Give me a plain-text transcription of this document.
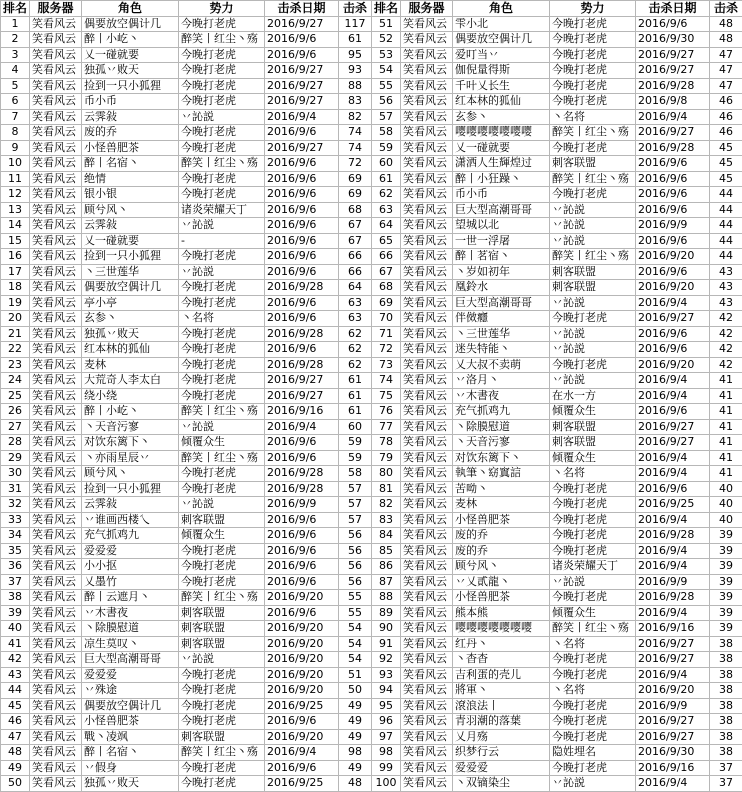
排名	服务器	角色	势力	击杀日期	击杀
1	笑看风云	偶要放空偶计几	今晚打老虎	2016/9/27	117
2	笑看风云	醉丨小屹丶	醉笑丨红尘丶殇	2016/9/6	61
3	笑看风云	乂一碰就要	今晚打老虎	2016/9/6	95
4	笑看风云	独孤丷败天	今晚打老虎	2016/9/27	93
5	笑看风云	捡到一只小狐狸	今晚打老虎	2016/9/27	88
6	笑看风云	币小币	今晚打老虎	2016/9/27	83
7	笑看风云	云霁敍	丷訫説	2016/9/4	82
8	笑看风云	废的乔	今晚打老虎	2016/9/6	74
9	笑看风云	小怪兽肥茶	今晚打老虎	2016/9/27	74
10	笑看风云	醉丨名宿丶	醉笑丨红尘丶殇	2016/9/6	72
11	笑看风云	绝情	今晚打老虎	2016/9/6	69
12	笑看风云	银小银	今晚打老虎	2016/9/6	69
13	笑看风云	顾兮风丶	诸炎荣耀天丁	2016/9/6	68
14	笑看风云	云霁敍	丷訫説	2016/9/6	67
15	笑看风云	乂一碰就要	-	2016/9/6	67
16	笑看风云	捡到一只小狐狸	今晚打老虎	2016/9/6	66
17	笑看风云	丶三世莲华	丷訫説	2016/9/6	66
18	笑看风云	偶要放空偶计几	今晚打老虎	2016/9/28	64
19	笑看风云	亭小亭	今晚打老虎	2016/9/6	63
20	笑看风云	玄参丶	丶名将	2016/9/6	63
21	笑看风云	独孤丷败天	今晚打老虎	2016/9/28	62
22	笑看风云	红本林的狐仙	今晚打老虎	2016/9/6	62
23	笑看风云	麦林	今晚打老虎	2016/9/28	62
24	笑看风云	大荒奇人李太白	今晚打老虎	2016/9/27	61
25	笑看风云	绕小绕	今晚打老虎	2016/9/27	61
26	笑看风云	醉丨小屹丶	醉笑丨红尘丶殇	2016/9/16	61
27	笑看风云	丶天音污寥	丷訫説	2016/9/4	60
28	笑看风云	对饮东篱下丶	倾覆众生	2016/9/6	59
29	笑看风云	丶亦雨星辰丷	醉笑丨红尘丶殇	2016/9/6	59
30	笑看风云	顾兮风丶	今晚打老虎	2016/9/28	58
31	笑看风云	捡到一只小狐狸	今晚打老虎	2016/9/28	57
32	笑看风云	云霁敍	丷訫説	2016/9/9	57
33	笑看风云	丷谁画西楼乀	刺客联盟	2016/9/6	57
34	笑看风云	充气抓鸡九	倾覆众生	2016/9/6	56
35	笑看风云	爱爱爱	今晚打老虎	2016/9/6	56
36	笑看风云	小小抠	今晚打老虎	2016/9/6	56
37	笑看风云	乂墨竹	今晚打老虎	2016/9/6	56
38	笑看风云	醉丨云遮月丶	醉笑丨红尘丶殇	2016/9/20	55
39	笑看风云	丷木書夜	刺客联盟	2016/9/6	55
40	笑看风云	丶除膜慰道	刺客联盟	2016/9/20	54
41	笑看风云	凉生莫叹丶	刺客联盟	2016/9/20	54
42	笑看风云	巨大型高潮哥哥	丷訫説	2016/9/20	54
43	笑看风云	爱爱爱	今晚打老虎	2016/9/20	51
44	笑看风云	丷殊途	今晚打老虎	2016/9/20	50
45	笑看风云	偶要放空偶计几	今晚打老虎	2016/9/25	49
46	笑看风云	小怪兽肥茶	今晚打老虎	2016/9/6	49
47	笑看风云	戰丶凌飒	刺客联盟	2016/9/20	49
48	笑看风云	醉丨名宿丶	醉笑丨红尘丶殇	2016/9/4	98
49	笑看风云	丷假身	今晚打老虎	2016/9/6	49
50	笑看风云	独孤丷败天	今晚打老虎	2016/9/25	48
排名	服务器	角色	势力	击杀日期	击杀
51	笑看风云	雫小北	今晚打老虎	2016/9/6	48
52	笑看风云	偶要放空偶计几	今晚打老虎	2016/9/30	48
53	笑看风云	爱叮当丷	今晚打老虎	2016/9/27	47
54	笑看风云	伽倪量得斯	今晚打老虎	2016/9/27	47
55	笑看风云	千叶乂长生	今晚打老虎	2016/9/28	47
56	笑看风云	红本林的狐仙	今晚打老虎	2016/9/8	46
57	笑看风云	玄参丶	丶名将	2016/9/4	46
58	笑看风云	嘤嘤嘤嘤嘤嘤嘤	醉笑丨红尘丶殇	2016/9/27	46
59	笑看风云	乂一碰就要	今晚打老虎	2016/9/28	45
60	笑看风云	潇洒人生輝煌过	刺客联盟	2016/9/6	45
61	笑看风云	醉丨小狂躁丶	醉笑丨红尘丶殇	2016/9/6	45
62	笑看风云	币小币	今晚打老虎	2016/9/6	44
63	笑看风云	巨大型高潮哥哥	丷訫説	2016/9/6	44
64	笑看风云	望城以北	丷訫説	2016/9/9	44
65	笑看风云	一世一浮屠	丷訫説	2016/9/6	44
66	笑看风云	醉丨茗宿丶	醉笑丨红尘丶殇	2016/9/20	44
67	笑看风云	丶岁如初年	刺客联盟	2016/9/6	43
68	笑看风云	凰鈴水	刺客联盟	2016/9/20	43
69	笑看风云	巨大型高潮哥哥	丷訫説	2016/9/4	43
70	笑看风云	伴傚癮	今晚打老虎	2016/9/27	42
71	笑看风云	丶三世莲华	丷訫説	2016/9/6	42
72	笑看风云	迷失特能丶	丷訫説	2016/9/6	42
73	笑看风云	乂大叔不卖萌	今晚打老虎	2016/9/20	42
74	笑看风云	丷洛月丶	丷訫説	2016/9/4	41
75	笑看风云	丷木書夜	在水一方	2016/9/4	41
76	笑看风云	充气抓鸡九	倾覆众生	2016/9/6	41
77	笑看风云	丶除膜慰道	刺客联盟	2016/9/27	41
78	笑看风云	丶天音污寥	刺客联盟	2016/9/27	41
79	笑看风云	对饮东篱下丶	倾覆众生	2016/9/4	41
80	笑看风云	執筆丶窈窴誩	丶名将	2016/9/4	41
81	笑看风云	苦呦丶	今晚打老虎	2016/9/6	40
82	笑看风云	麦林	今晚打老虎	2016/9/25	40
83	笑看风云	小怪兽肥茶	今晚打老虎	2016/9/4	40
84	笑看风云	废的乔	今晚打老虎	2016/9/28	39
85	笑看风云	废的乔	今晚打老虎	2016/9/4	39
86	笑看风云	顾兮风丶	诸炎荣耀天丁	2016/9/4	39
87	笑看风云	丷乂貳龍丶	丷訫説	2016/9/9	39
88	笑看风云	小怪兽肥茶	今晚打老虎	2016/9/28	39
89	笑看风云	熊本熊	倾覆众生	2016/9/4	39
90	笑看风云	嘤嘤嘤嘤嘤嘤嘤	醉笑丨红尘丶殇	2016/9/16	39
91	笑看风云	红丹丶	丶名将	2016/9/27	38
92	笑看风云	丶杳杳	今晚打老虎	2016/9/27	38
93	笑看风云	吉利蛋的壳儿	今晚打老虎	2016/9/4	38
94	笑看风云	將軍丶	丶名将	2016/9/20	38
95	笑看风云	滾浪法丨	今晚打老虎	2016/9/9	38
96	笑看风云	青羽潮的落葉	今晚打老虎	2016/9/27	38
97	笑看风云	乂月殇	今晚打老虎	2016/9/27	38
98	笑看风云	织梦行云	隐姓埋名	2016/9/30	38
99	笑看风云	爱爱爱	今晚打老虎	2016/9/16	37
100	笑看风云	丶双镝染尘	丷訫説	2016/9/4	37
